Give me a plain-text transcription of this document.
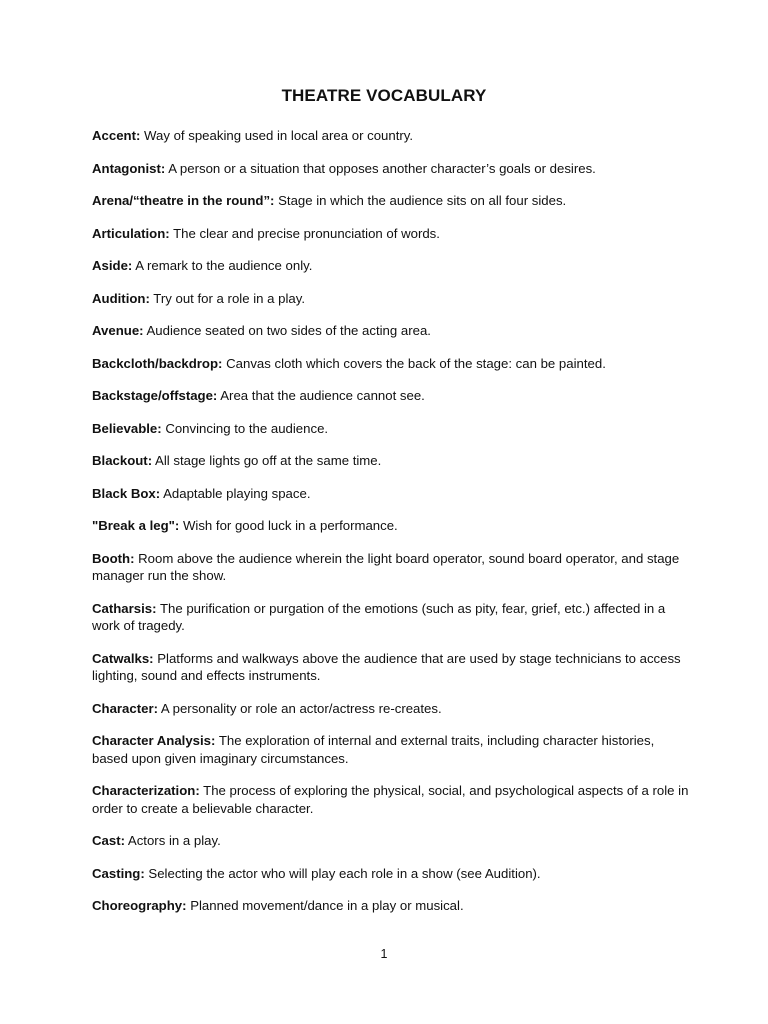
THEATRE VOCABULARY
Accent: Way of speaking used in local area or country.
Antagonist: A person or a situation that opposes another character’s goals or desires.
Arena/“theatre in the round”: Stage in which the audience sits on all four sides.
Articulation: The clear and precise pronunciation of words.
Aside: A remark to the audience only.
Audition: Try out for a role in a play.
Avenue: Audience seated on two sides of the acting area.
Backcloth/backdrop: Canvas cloth which covers the back of the stage: can be painted.
Backstage/offstage: Area that the audience cannot see.
Believable: Convincing to the audience.
Blackout: All stage lights go off at the same time.
Black Box: Adaptable playing space.
"Break a leg": Wish for good luck in a performance.
Booth: Room above the audience wherein the light board operator, sound board operator, and stage manager run the show.
Catharsis: The purification or purgation of the emotions (such as pity, fear, grief, etc.) affected in a work of tragedy.
Catwalks: Platforms and walkways above the audience that are used by stage technicians to access lighting, sound and effects instruments.
Character: A personality or role an actor/actress re-creates.
Character Analysis: The exploration of internal and external traits, including character histories, based upon given imaginary circumstances.
Characterization: The process of exploring the physical, social, and psychological aspects of a role in order to create a believable character.
Cast: Actors in a play.
Casting: Selecting the actor who will play each role in a show (see Audition).
Choreography: Planned movement/dance in a play or musical.
1
